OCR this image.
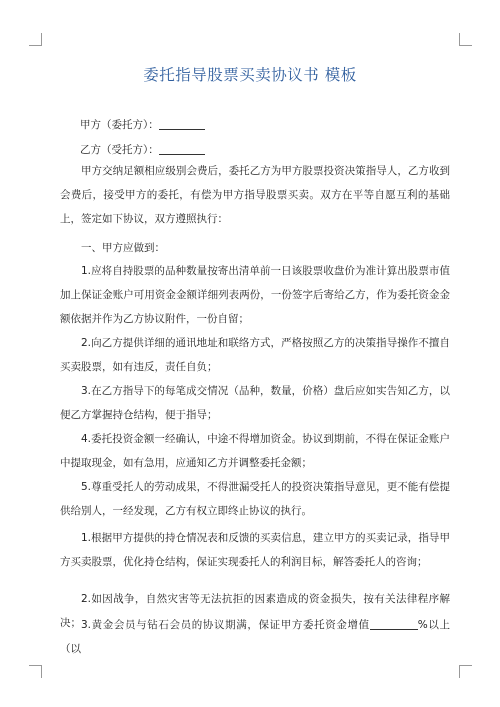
委托指导股票买卖协议书 模板
甲方（委托方）：
乙方（受托方）：
甲方交纳足额相应级别会费后，委托乙方为甲方股票投资决策指导人，乙方收到会费后，接受甲方的委托，有偿为甲方指导股票买卖。双方在平等自愿互利的基础上，签定如下协议，双方遵照执行：
一、甲方应做到：
1.应将自持股票的品种数量按寄出清单前一日该股票收盘价为准计算出股票市值加上保证金账户可用资金金额详细列表两份，一份签字后寄给乙方，作为委托资金金额依据并作为乙方协议附件，一份自留；
2.向乙方提供详细的通讯地址和联络方式，严格按照乙方的决策指导操作不擅自买卖股票，如有违反，责任自负；
3.在乙方指导下的每笔成交情况（品种，数量，价格）盘后应如实告知乙方，以便乙方掌握持仓结构，便于指导；
4.委托投资金额一经确认，中途不得增加资金。协议到期前，不得在保证金账户中提取现金，如有急用，应通知乙方并调整委托金额；
5.尊重受托人的劳动成果，不得泄漏受托人的投资决策指导意见，更不能有偿提供给别人，一经发现，乙方有权立即终止协议的执行。
1.根据甲方提供的持仓情况表和反馈的买卖信息，建立甲方的买卖记录，指导甲方买卖股票，优化持仓结构，保证实现委托人的利润目标，解答委托人的咨询；
2.如因战争，自然灾害等无法抗拒的因素造成的资金损失，按有关法律程序解决； 3.黄金会员与钻石会员的协议期满，保证甲方委托资金增值	%以上（以
